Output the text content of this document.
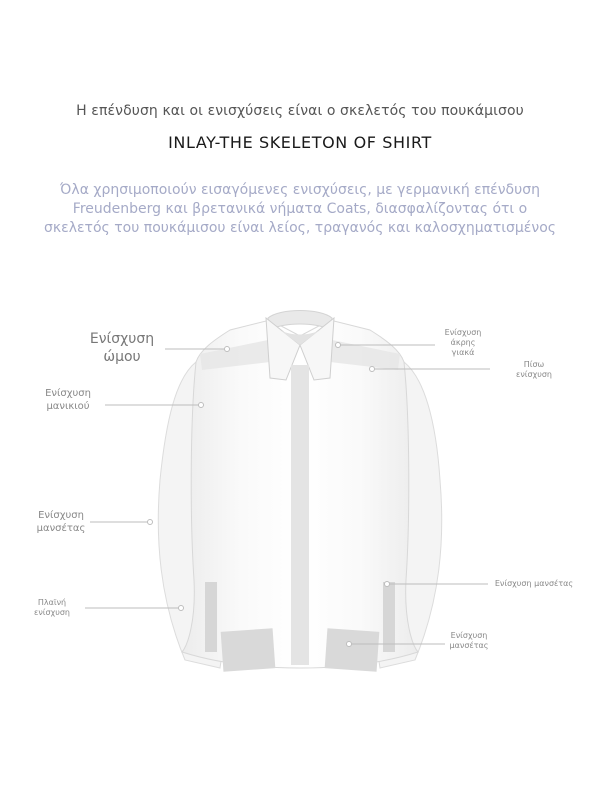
Η επένδυση και οι ενισχύσεις είναι ο σκελετός του πουκάμισου
INLAY-THE SKELETON OF SHIRT

Όλα χρησιμοποιούν εισαγόμενες ενισχύσεις, με γερμανική επένδυση

Freudenberg και βρετανικά νήματα Coats, διασφαλίζοντας ότι ο

σκελετός του πουκάμισου είναι λείος, τραγανός και καλοσχηματισμένος

Ενίσχυση
ώμου
Ενίσχυση
μανικιού
Ενίσχυση
μανσέτας
Πλαϊνή
ενίσχυση
Ενίσχυση
άκρης
γιακά
Πίσω
ενίσχυση
Ενίσχυση μανσέτας
Ενίσχυση
μανσέτας
